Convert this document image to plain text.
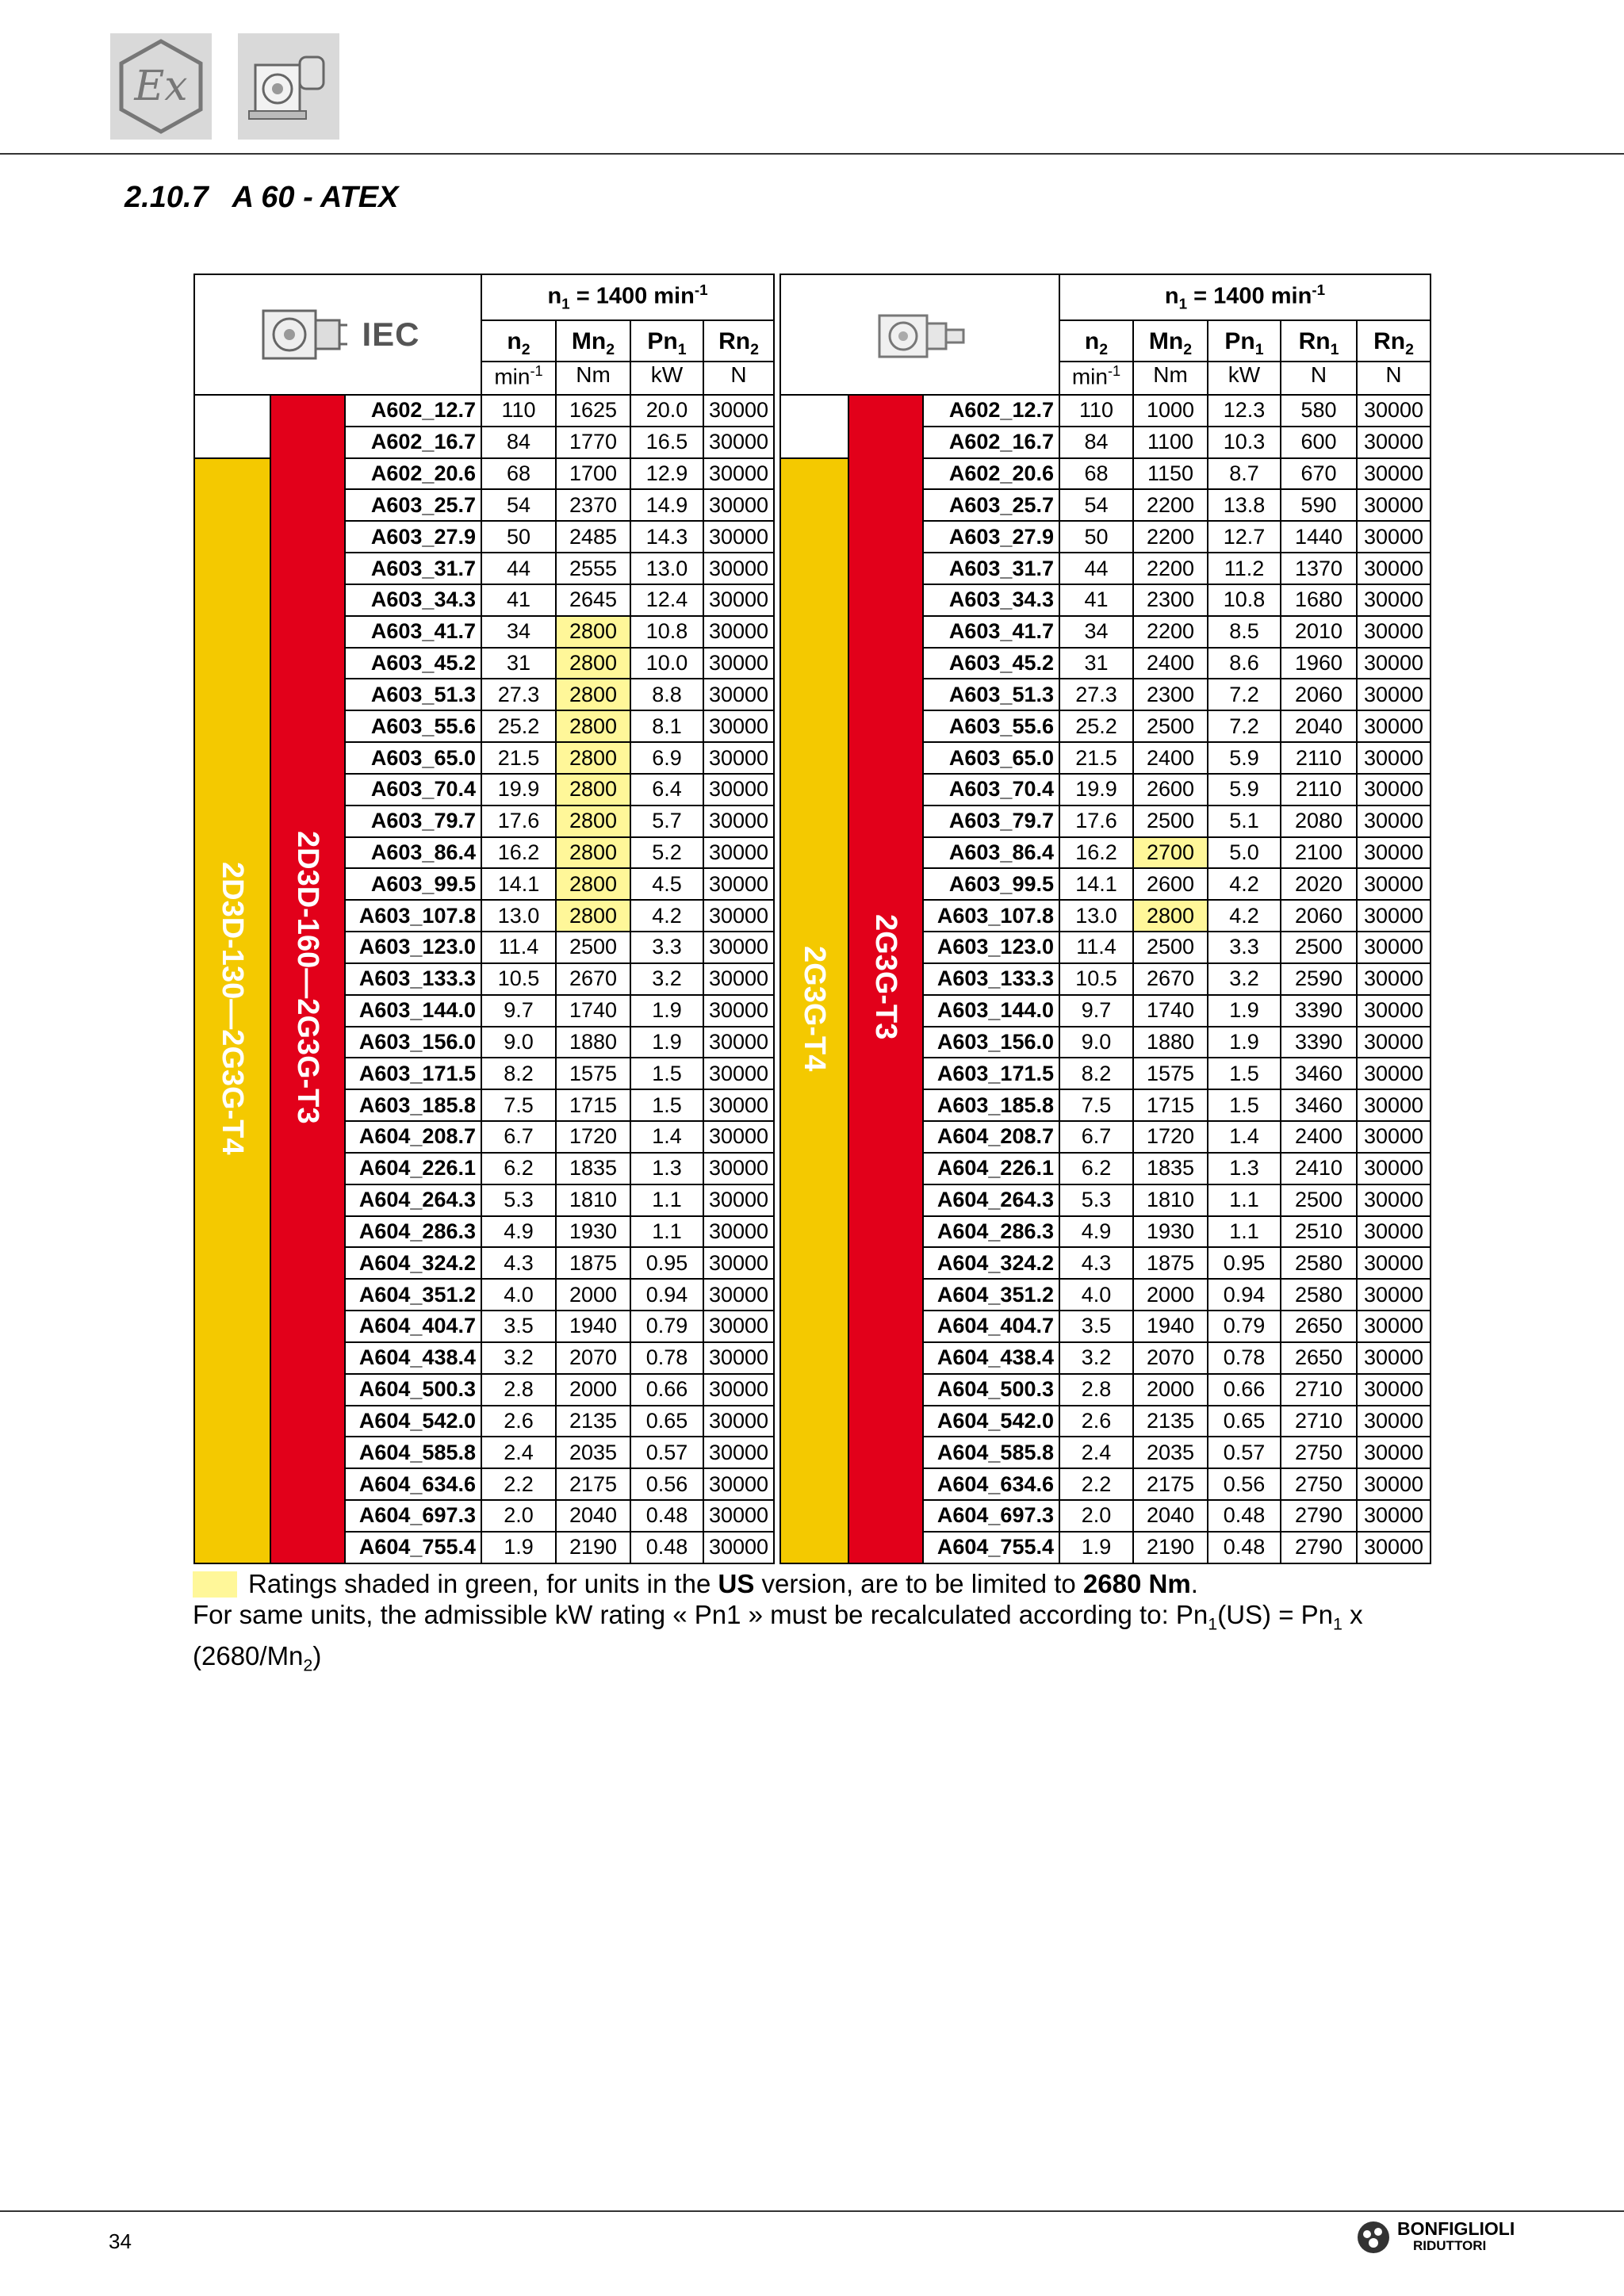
Ex
2.10.7 A 60 - ATEX
IEC			$n_1 = 1400$ $\min^{-1}$
			$n_2$	$Mn_2$	$Pn_1$	$Rn_2$
			$\min^{-1}$	Nm	kW	N
	2D3D-160—2G3G-T3	A602_12.7	110	1625	20.0	30000
		A602_16.7	84	1770	16.5	30000
2D3D-130—2G3G-T4		A602_20.6	68	1700	12.9	30000
		A603_25.7	54	2370	14.9	30000
		A603_27.9	50	2485	14.3	30000
		A603_31.7	44	2555	13.0	30000
		A603_34.3	41	2645	12.4	30000
		A603_41.7	34	2800	10.8	30000
		A603_45.2	31	2800	10.0	30000
		A603_51.3	27.3	2800	8.8	30000
		A603_55.6	25.2	2800	8.1	30000
		A603_65.0	21.5	2800	6.9	30000
		A603_70.4	19.9	2800	6.4	30000
		A603_79.7	17.6	2800	5.7	30000
		A603_86.4	16.2	2800	5.2	30000
		A603_99.5	14.1	2800	4.5	30000
		A603_107.8	13.0	2800	4.2	30000
		A603_123.0	11.4	2500	3.3	30000
		A603_133.3	10.5	2670	3.2	30000
		A603_144.0	9.7	1740	1.9	30000
		A603_156.0	9.0	1880	1.9	30000
		A603_171.5	8.2	1575	1.5	30000
		A603_185.8	7.5	1715	1.5	30000
		A604_208.7	6.7	1720	1.4	30000
		A604_226.1	6.2	1835	1.3	30000
		A604_264.3	5.3	1810	1.1	30000
		A604_286.3	4.9	1930	1.1	30000
		A604_324.2	4.3	1875	0.95	30000
		A604_351.2	4.0	2000	0.94	30000
		A604_404.7	3.5	1940	0.79	30000
		A604_438.4	3.2	2070	0.78	30000
		A604_500.3	2.8	2000	0.66	30000
		A604_542.0	2.6	2135	0.65	30000
		A604_585.8	2.4	2035	0.57	30000
		A604_634.6	2.2	2175	0.56	30000
		A604_697.3	2.0	2040	0.48	30000
		A604_755.4	1.9	2190	0.48	30000
	$n_1 = 1400$ $\min^{-1}$
			$n_2$	$Mn_2$	$Pn_1$	$Rn_1$	$Rn_2$
			$\min^{-1}$	Nm	kW	N	N
	2G3G-T3	A602_12.7	110	1000	12.3	580	30000
		A602_16.7	84	1100	10.3	600	30000
2G3G-T4		A602_20.6	68	1150	8.7	670	30000
		A603_25.7	54	2200	13.8	590	30000
		A603_27.9	50	2200	12.7	1440	30000
		A603_31.7	44	2200	11.2	1370	30000
		A603_34.3	41	2300	10.8	1680	30000
		A603_41.7	34	2200	8.5	2010	30000
		A603_45.2	31	2400	8.6	1960	30000
		A603_51.3	27.3	2300	7.2	2060	30000
		A603_55.6	25.2	2500	7.2	2040	30000
		A603_65.0	21.5	2400	5.9	2110	30000
		A603_70.4	19.9	2600	5.9	2110	30000
		A603_79.7	17.6	2500	5.1	2080	30000
		A603_86.4	16.2	2700	5.0	2100	30000
		A603_99.5	14.1	2600	4.2	2020	30000
		A603_107.8	13.0	2800	4.2	2060	30000
		A603_123.0	11.4	2500	3.3	2500	30000
		A603_133.3	10.5	2670	3.2	2590	30000
		A603_144.0	9.7	1740	1.9	3390	30000
		A603_156.0	9.0	1880	1.9	3390	30000
		A603_171.5	8.2	1575	1.5	3460	30000
		A603_185.8	7.5	1715	1.5	3460	30000
		A604_208.7	6.7	1720	1.4	2400	30000
		A604_226.1	6.2	1835	1.3	2410	30000
		A604_264.3	5.3	1810	1.1	2500	30000
		A604_286.3	4.9	1930	1.1	2510	30000
		A604_324.2	4.3	1875	0.95	2580	30000
		A604_351.2	4.0	2000	0.94	2580	30000
		A604_404.7	3.5	1940	0.79	2650	30000
		A604_438.4	3.2	2070	0.78	2650	30000
		A604_500.3	2.8	2000	0.66	2710	30000
		A604_542.0	2.6	2135	0.65	2710	30000
		A604_585.8	2.4	2035	0.57	2750	30000
		A604_634.6	2.2	2175	0.56	2750	30000
		A604_697.3	2.0	2040	0.48	2790	30000
		A604_755.4	1.9	2190	0.48	2790	30000
Ratings shaded in green, for units in the US version, are to be limited to 2680 Nm.
For same units, the admissible kW rating « Pn1 » must be recalculated according to: $Pn_1(US) = Pn_1$ x
$(2680/Mn_2)$
34
BONFIGLIOLI
RIDUTTORI
